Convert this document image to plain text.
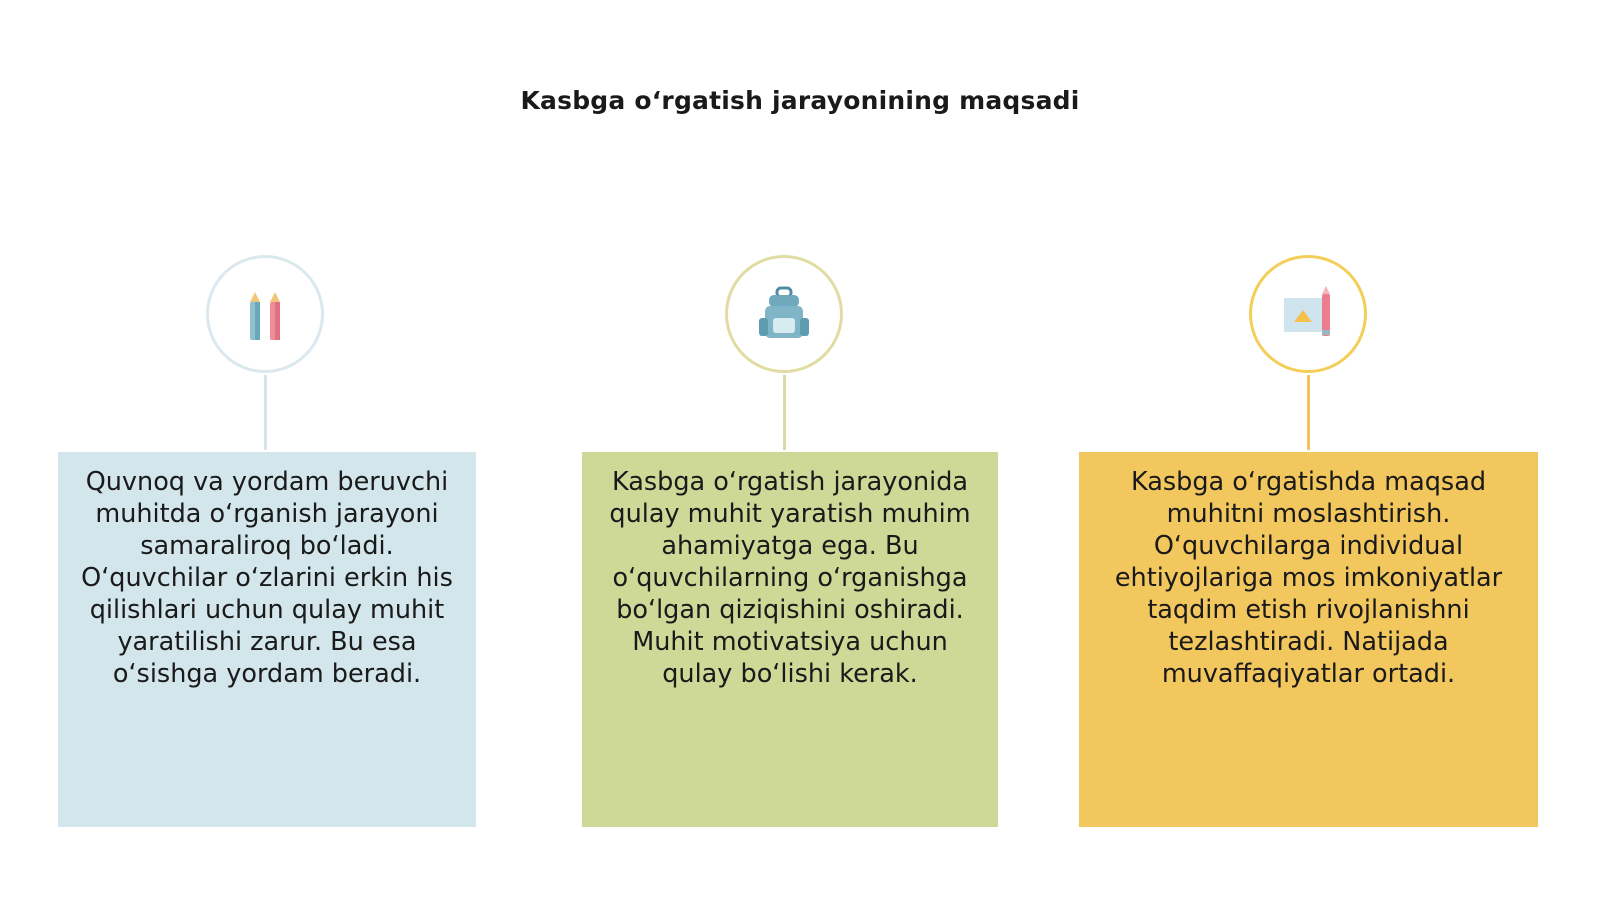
Kasbga o‘rgatish jarayonining maqsadi

Quvnoq va yordam beruvchi muhitda o‘rganish jarayoni samaraliroq bo‘ladi. O‘quvchilar o‘zlarini erkin his qilishlari uchun qulay muhit yaratilishi zarur. Bu esa o‘sishga yordam beradi.

Kasbga o‘rgatish jarayonida qulay muhit yaratish muhim ahamiyatga ega. Bu o‘quvchilarning o‘rganishga bo‘lgan qiziqishini oshiradi. Muhit motivatsiya uchun qulay bo‘lishi kerak.

Kasbga o‘rgatishda maqsad muhitni moslashtirish. O‘quvchilarga individual ehtiyojlariga mos imkoniyatlar taqdim etish rivojlanishni tezlashtiradi. Natijada muvaffaqiyatlar ortadi.
